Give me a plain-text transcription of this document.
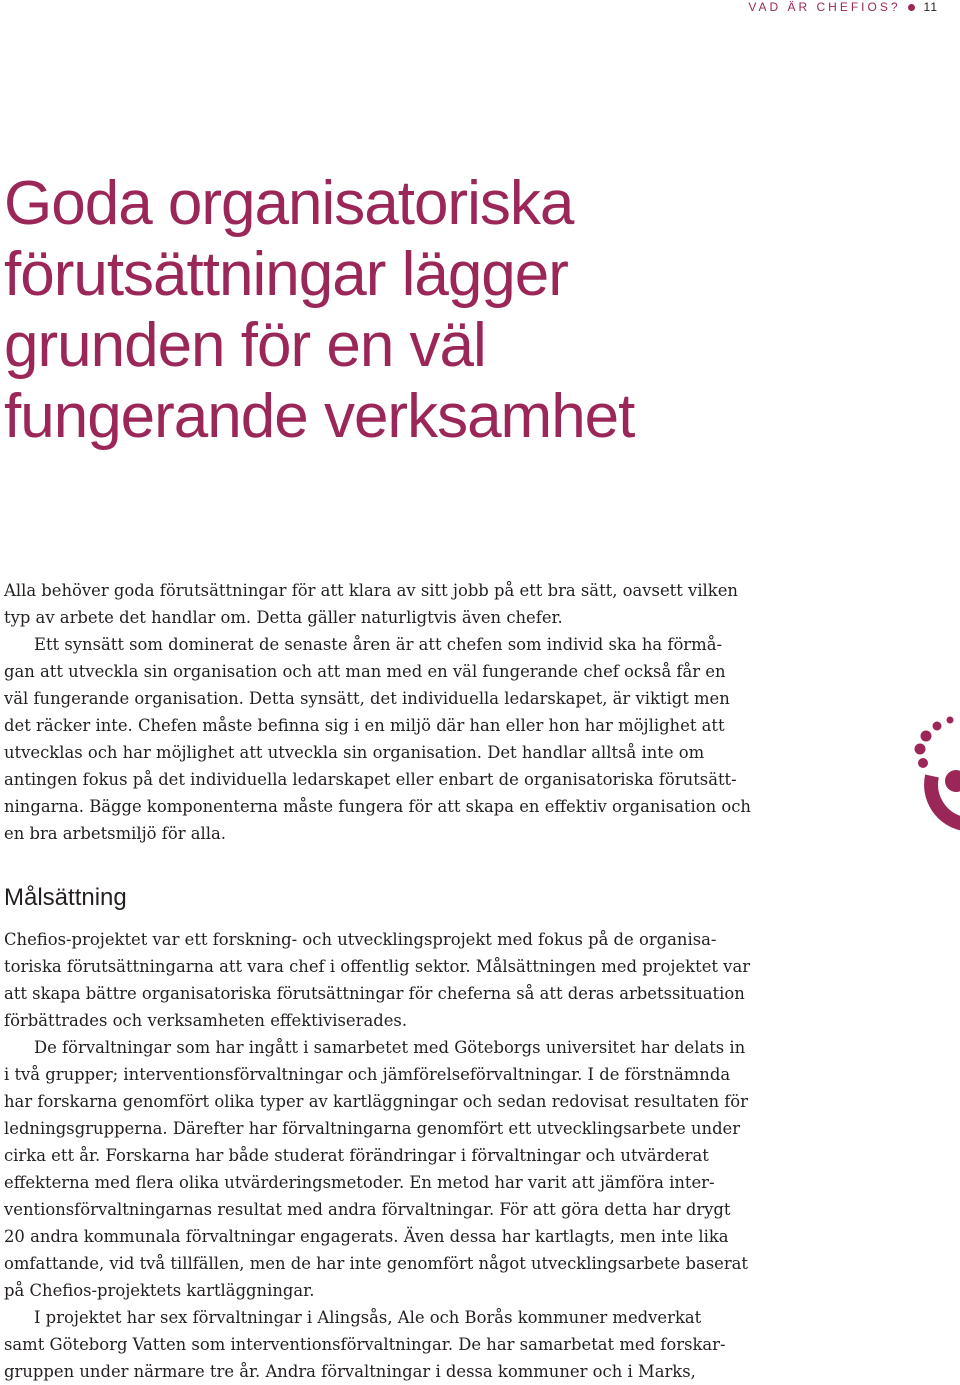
VAD ÄR CHEFIOS? 11
Goda organisatoriska
förutsättningar lägger
grunden för en väl
fungerande verksamhet
Alla behöver goda förutsättningar för att klara av sitt jobb på ett bra sätt, oavsett vilken
typ av arbete det handlar om. Detta gäller naturligtvis även chefer.
Ett synsätt som dominerat de senaste åren är att chefen som individ ska ha förmå-
gan att utveckla sin organisation och att man med en väl fungerande chef också får en
väl fungerande organisation. Detta synsätt, det individuella ledarskapet, är viktigt men
det räcker inte. Chefen måste befinna sig i en miljö där han eller hon har möjlighet att
utvecklas och har möjlighet att utveckla sin organisation. Det handlar alltså inte om
antingen fokus på det individuella ledarskapet eller enbart de organisatoriska förutsätt-
ningarna. Bägge komponenterna måste fungera för att skapa en effektiv organisation och
en bra arbetsmiljö för alla.
Målsättning
Chefios-projektet var ett forskning- och utvecklingsprojekt med fokus på de organisa-
toriska förutsättningarna att vara chef i offentlig sektor. Målsättningen med projektet var
att skapa bättre organisatoriska förutsättningar för cheferna så att deras arbetssituation
förbättrades och verksamheten effektiviserades.
De förvaltningar som har ingått i samarbetet med Göteborgs universitet har delats in
i två grupper; interventionsförvaltningar och jämförelseförvaltningar. I de förstnämnda
har forskarna genomfört olika typer av kartläggningar och sedan redovisat resultaten för
ledningsgrupperna. Därefter har förvaltningarna genomfört ett utvecklingsarbete under
cirka ett år. Forskarna har både studerat förändringar i förvaltningar och utvärderat
effekterna med flera olika utvärderingsmetoder. En metod har varit att jämföra inter-
ventionsförvaltningarnas resultat med andra förvaltningar. För att göra detta har drygt
20 andra kommunala förvaltningar engagerats. Även dessa har kartlagts, men inte lika
omfattande, vid två tillfällen, men de har inte genomfört något utvecklingsarbete baserat
på Chefios-projektets kartläggningar.
I projektet har sex förvaltningar i Alingsås, Ale och Borås kommuner medverkat
samt Göteborg Vatten som interventionsförvaltningar. De har samarbetat med forskar-
gruppen under närmare tre år. Andra förvaltningar i dessa kommuner och i Marks,
